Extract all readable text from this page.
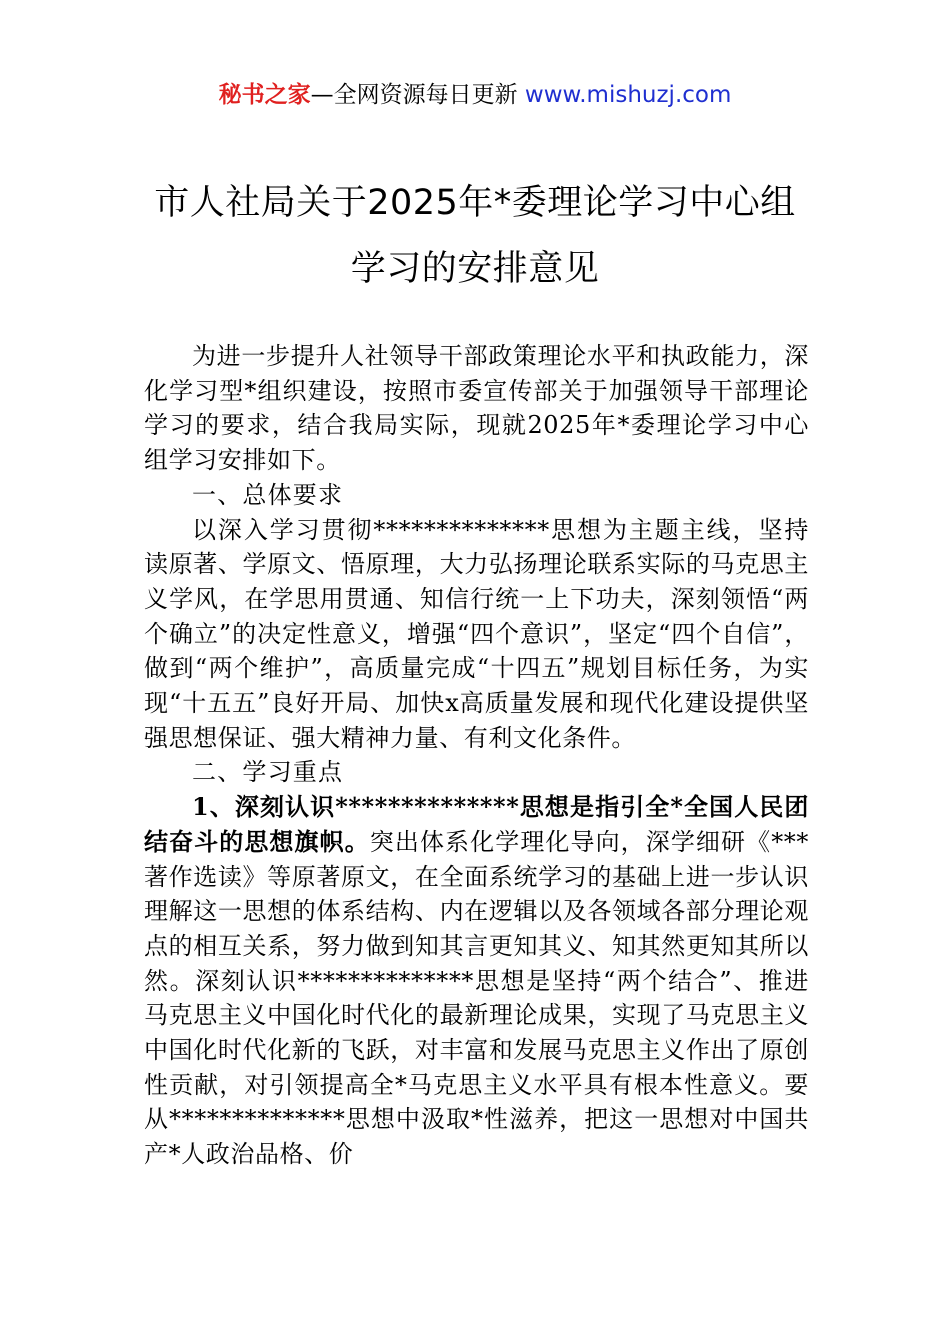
秘书之家—全网资源每日更新 www.mishuzj.com
市人社局关于2025年*委理论学习中心组
学习的安排意见

为进一步提升人社领导干部政策理论水平和执政能力，深化学习型*组织建设，按照市委宣传部关于加强领导干部理论学习的要求，结合我局实际，现就2025年*委理论学习中心组学习安排如下。

一、总体要求

以深入学习贯彻**************思想为主题主线，坚持读原著、学原文、悟原理，大力弘扬理论联系实际的马克思主义学风，在学思用贯通、知信行统一上下功夫，深刻领悟“两个确立”的决定性意义，增强“四个意识”，坚定“四个自信”，做到“两个维护”，高质量完成“十四五”规划目标任务，为实现“十五五”良好开局、加快x高质量发展和现代化建设提供坚强思想保证、强大精神力量、有利文化条件。

二、学习重点

1、深刻认识**************思想是指引全*全国人民团结奋斗的思想旗帜。突出体系化学理化导向，深学细研《***著作选读》等原著原文，在全面系统学习的基础上进一步认识理解这一思想的体系结构、内在逻辑以及各领域各部分理论观点的相互关系，努力做到知其言更知其义、知其然更知其所以然。深刻认识**************思想是坚持“两个结合”、推进马克思主义中国化时代化的最新理论成果，实现了马克思主义中国化时代化新的飞跃，对丰富和发展马克思主义作出了原创性贡献，对引领提高全*马克思主义水平具有根本性意义。要从**************思想中汲取*性滋养，把这一思想对中国共产*人政治品格、价
